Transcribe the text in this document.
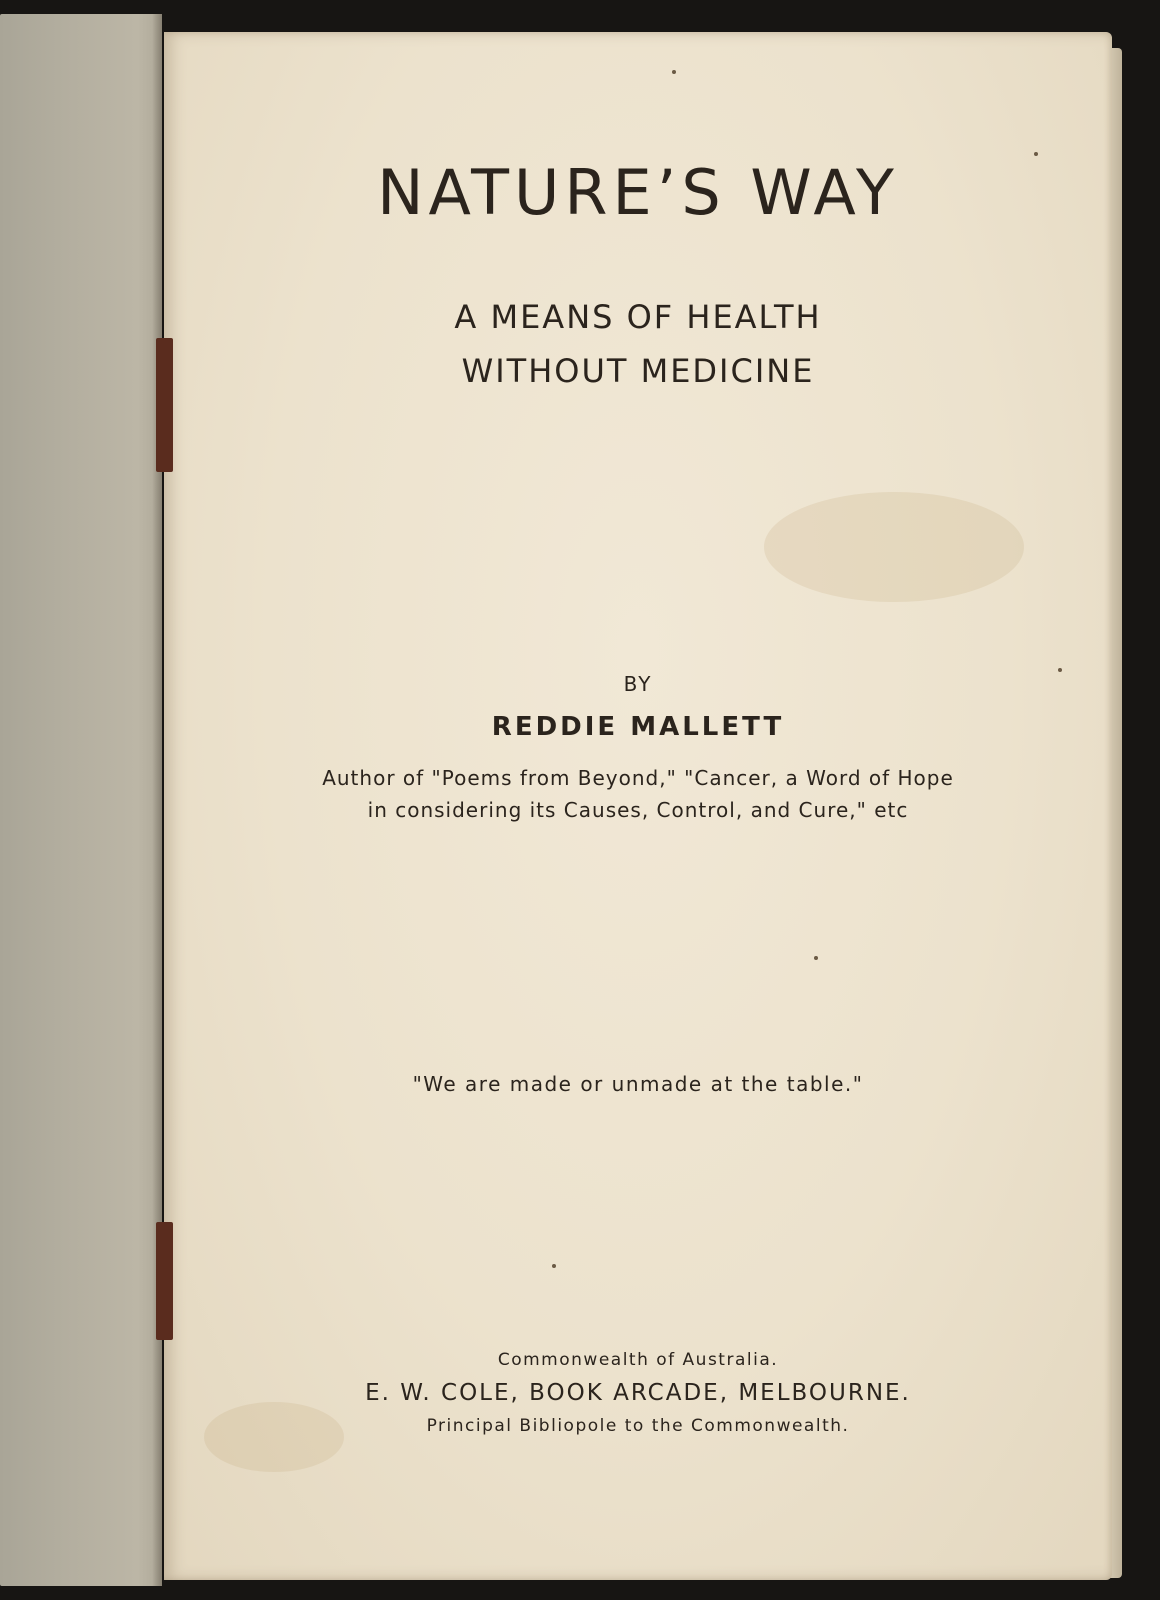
NATURE’S WAY
A MEANS OF HEALTH
WITHOUT MEDICINE
BY
REDDIE MALLETT
Author of "Poems from Beyond," "Cancer, a Word of Hope
in considering its Causes, Control, and Cure," etc
"We are made or unmade at the table."
Commonwealth of Australia.
E. W. COLE, BOOK ARCADE, MELBOURNE.
Principal Bibliopole to the Commonwealth.
